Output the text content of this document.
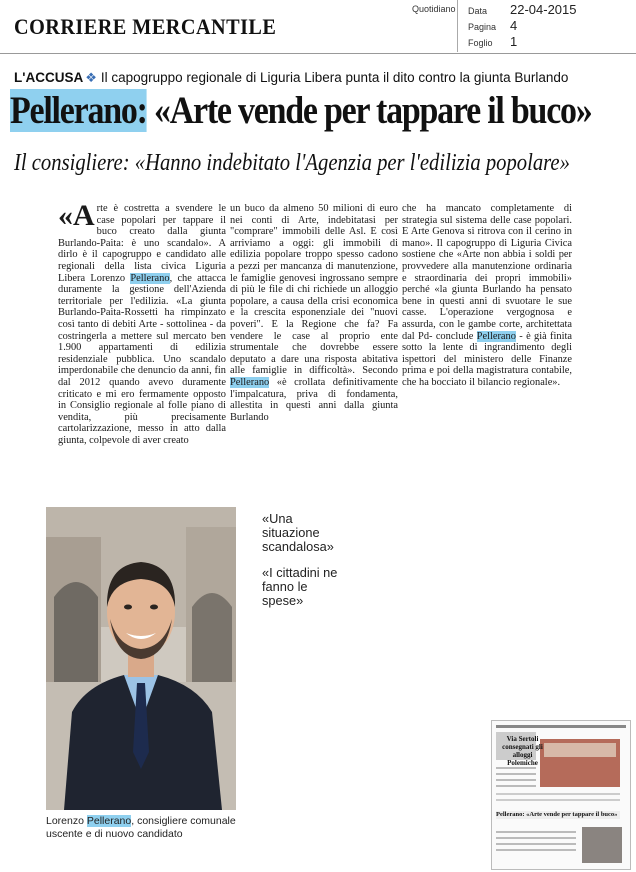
CORRIERE MERCANTILE
Quotidiano Data 22-04-2015
Pagina 4
Foglio 1
L'ACCUSA ❖ Il capogruppo regionale di Liguria Libera punta il dito contro la giunta Burlando
Pellerano: «Arte vende per tappare il buco»
Il consigliere: «Hanno indebitato l'Agenzia per l'edilizia popolare»
«A rte è costretta a svendere le case popolari per tappare il buco creato dalla giunta Burlando-Paita: è uno scandalo». A dirlo è il capogruppo e candidato alle regionali della lista civica Liguria Libera Lorenzo Pellerano, che attacca duramente la gestione dell'Azienda territoriale per l'edilizia. «La giunta Burlando-Paita-Rossetti ha rimpinzato così tanto di debiti Arte - sottolinea - da costringerla a mettere sul mercato ben 1.900 appartamenti di edilizia residenziale pubblica. Uno scandalo imperdonabile che denuncio da anni, fin dal 2012 quando avevo duramente criticato e mi ero fermamente opposto in Consiglio regionale al folle piano di vendita, più precisamente cartolarizzazione, messo in atto dalla giunta, colpevole di aver creato
un buco da almeno 50 milioni di euro nei conti di Arte, indebitatasi per "comprare" immobili delle Asl. E così arriviamo a oggi: gli immobili di edilizia popolare troppo spesso cadono a pezzi per mancanza di manutenzione, le famiglie genovesi ingrossano sempre di più le file di chi richiede un alloggio popolare, a causa della crisi economica e la crescita esponenziale dei "nuovi poveri". E la Regione che fa? Fa vendere le case al proprio ente strumentale che dovrebbe essere deputato a dare una risposta abitativa alle famiglie in difficoltà». Secondo Pellerano «è crollata definitivamente l'impalcatura, priva di fondamenta, allestita in questi anni dalla giunta Burlando
che ha mancato completamente di strategia sul sistema delle case popolari. E Arte Genova si ritrova con il cerino in mano». Il capogruppo di Liguria Civica sostiene che «Arte non abbia i soldi per provvedere alla manutenzione ordinaria e straordinaria dei propri immobili» perché «la giunta Burlando ha pensato bene in questi anni di svuotare le sue casse. L'operazione vergognosa e assurda, con le gambe corte, architettata dal Pd- conclude Pellerano - è già finita sotto la lente di ingrandimento degli ispettori del ministero delle Finanze prima e poi della magistratura contabile, che ha bocciato il bilancio regionale».
Lorenzo Pellerano, consigliere comunale uscente e di nuovo candidato
«Una situazione scandalosa»
«I cittadini ne fanno le spese»
Via Sertoli consegnati gli alloggi Polemiche
Pellerano: «Arte vende per tappare il buco»
